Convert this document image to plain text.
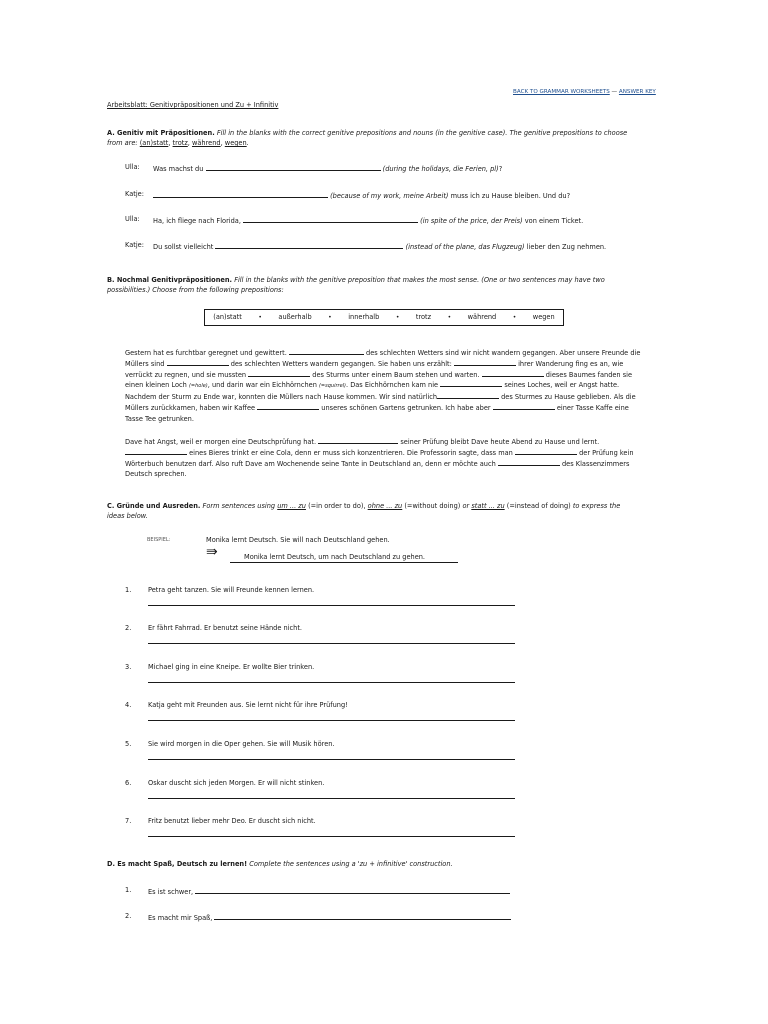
BACK TO GRAMMAR WORKSHEETS — ANSWER KEY
Arbeitsblatt: Genitivpräpositionen und Zu + Infinitiv
A. Genitiv mit Präpositionen. Fill in the blanks with the correct genitive prepositions and nouns (in the genitive case). The genitive prepositions to choose
from are: (an)statt, trotz, während, wegen.
Ulla: Was machst du	(during the holidays, die Ferien, pl)?
Katje:	(because of my work, meine Arbeit) muss ich zu Hause bleiben. Und du?
Ulla: Ha, ich fliege nach Florida,	(in spite of the price, der Preis) von einem Ticket.
Katje: Du sollst vielleicht	(instead of the plane, das Flugzeug) lieber den Zug nehmen.
B. Nochmal Genitivpräpositionen. Fill in the blanks with the genitive preposition that makes the most sense. (One or two sentences may have two
possibilities.) Choose from the following prepositions:
(an)statt	•	außerhalb	•	innerhalb	•	trotz	•	während	•	wegen
Gestern hat es furchtbar geregnet und gewittert.	des schlechten Wetters sind wir nicht wandern gegangen. Aber unsere Freunde die Müllers sind	des schlechten Wetters wandern gegangen. Sie haben uns erzählt:	ihrer Wanderung fing es an, wie verrückt zu regnen, und sie mussten	des Sturms unter einem Baum stehen und warten.	dieses Baumes fanden sie einen kleinen Loch (=hole), und darin war ein Eichhörnchen (=squirrel). Das Eichhörnchen kam nie	seines Loches, weil er Angst hatte. Nachdem der Sturm zu Ende war, konnten die Müllers nach Hause kommen. Wir sind natürlich	des Sturmes zu Hause geblieben. Als die Müllers zurückkamen, haben wir Kaffee	unseres schönen Gartens getrunken. Ich habe aber	einer Tasse Kaffe eine Tasse Tee getrunken.
Dave hat Angst, weil er morgen eine Deutschprüfung hat.	seiner Prüfung bleibt Dave heute Abend zu Hause und lernt.  eines Bieres trinkt er eine Cola, denn er muss sich konzentrieren. Die Professorin sagte, dass man	der Prüfung kein Wörterbuch benutzen darf. Also ruft Dave am Wochenende seine Tante in Deutschland an, denn er möchte auch	des Klassenzimmers Deutsch sprechen.
C. Gründe und Ausreden. Form sentences using um ... zu (=in order to do), ohne ... zu (=without doing) or statt ... zu (=instead of doing) to express the
ideas below.
BEISPIEL:	Monika lernt Deutsch. Sie will nach Deutschland gehen.
⇛	Monika lernt Deutsch, um nach Deutschland zu gehen.
1.	Petra geht tanzen. Sie will Freunde kennen lernen.
2.	Er fährt Fahrrad. Er benutzt seine Hände nicht.
3.	Michael ging in eine Kneipe. Er wollte Bier trinken.
4.	Katja geht mit Freunden aus. Sie lernt nicht für ihre Prüfung!
5.	Sie wird morgen in die Oper gehen. Sie will Musik hören.
6.	Oskar duscht sich jeden Morgen. Er will nicht stinken.
7.	Fritz benutzt lieber mehr Deo. Er duscht sich nicht.
D. Es macht Spaß, Deutsch zu lernen! Complete the sentences using a 'zu + infinitive' construction.
1.	Es ist schwer,
2.	Es macht mir Spaß,
